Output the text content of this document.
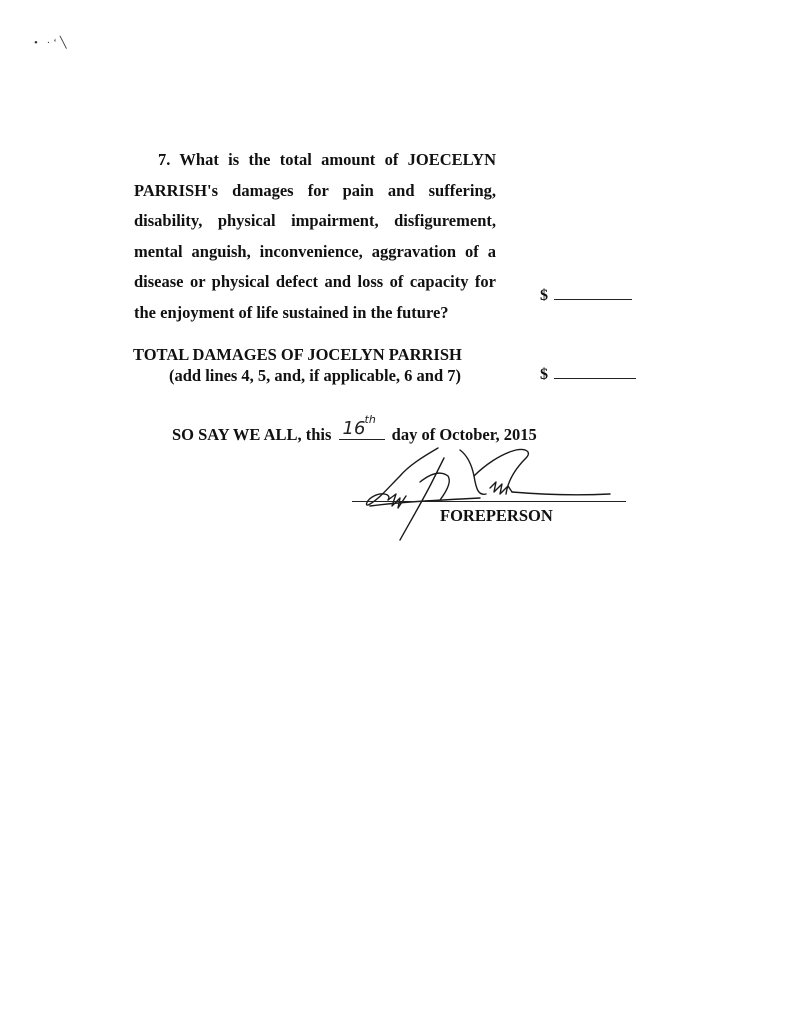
• ·‘╲
7. What is the total amount of JOECELYN
PARRISH's damages for pain and suffering,
disability, physical impairment, disfigurement,
mental anguish, inconvenience, aggravation of a
disease or physical defect and loss of capacity for
the enjoyment of life sustained in the future?
$
TOTAL DAMAGES OF JOCELYN PARRISH
(add lines 4, 5, and, if applicable, 6 and 7)	$
SO SAY WE ALL, this 16 th
day of October, 2015
FOREPERSON
